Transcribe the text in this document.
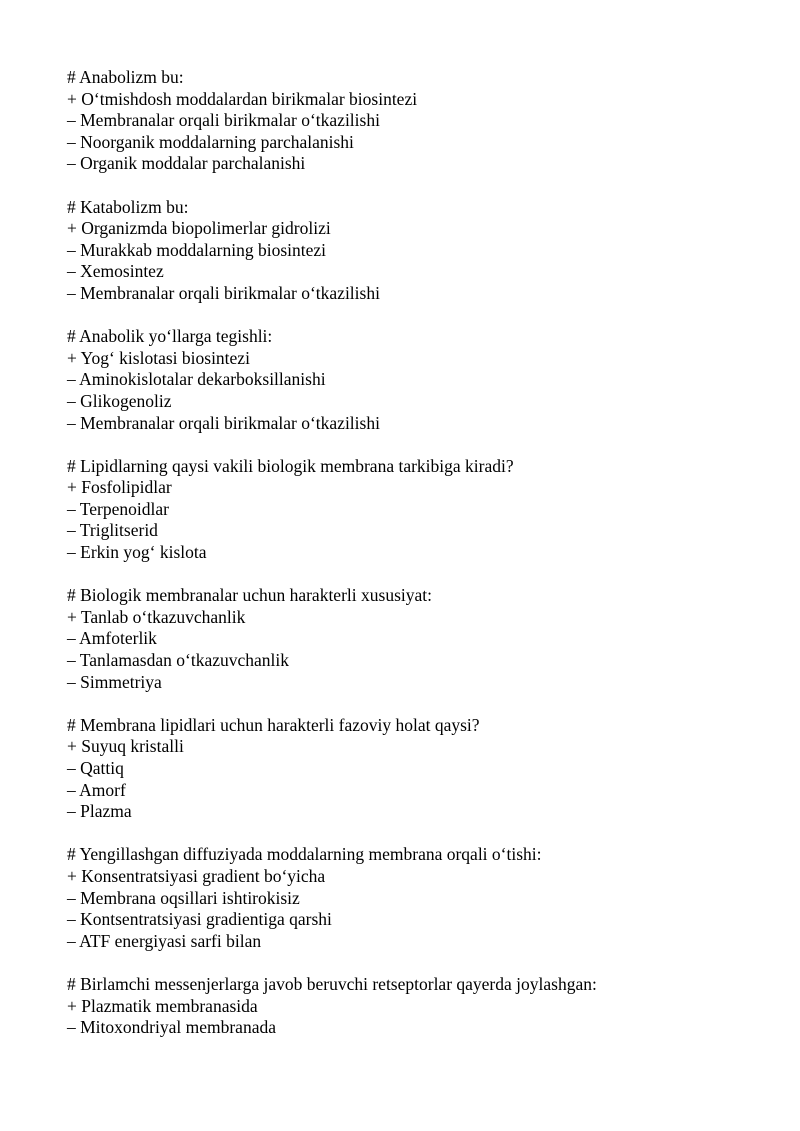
# Anabolizm bu:
+ O‘tmishdosh moddalardan birikmalar biosintezi
– Membranalar orqali birikmalar o‘tkazilishi
– Noorganik moddalarning parchalanishi
– Organik moddalar parchalanishi
# Katabolizm bu:
+ Organizmda biopolimerlar gidrolizi
– Murakkab moddalarning biosintezi
– Xemosintez
– Membranalar orqali birikmalar o‘tkazilishi
# Anabolik yo‘llarga tegishli:
+ Yog‘ kislotasi biosintezi
– Aminokislotalar dekarboksillanishi
– Glikogenoliz
– Membranalar orqali birikmalar o‘tkazilishi
# Lipidlarning qaysi vakili biologik membrana tarkibiga kiradi?
+ Fosfolipidlar
– Terpenoidlar
– Triglitserid
– Erkin yog‘ kislota
# Biologik membranalar uchun harakterli xususiyat:
+ Tanlab o‘tkazuvchanlik
– Amfoterlik
– Tanlamasdan o‘tkazuvchanlik
– Simmetriya
# Membrana lipidlari uchun harakterli fazoviy holat qaysi?
+ Suyuq kristalli
– Qattiq
– Amorf
– Plazma
# Yengillashgan diffuziyada moddalarning membrana orqali o‘tishi:
+ Konsentratsiyasi gradient bo‘yicha
– Membrana oqsillari ishtirokisiz
– Kontsentratsiyasi gradientiga qarshi
– ATF energiyasi sarfi bilan
# Birlamchi messenjerlarga javob beruvchi retseptorlar qayerda joylashgan:
+ Plazmatik membranasida
– Mitoxondriyal membranada
